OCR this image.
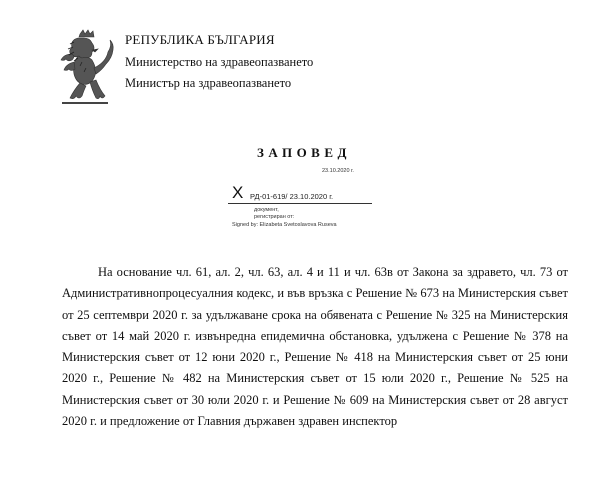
РЕПУБЛИКА БЪЛГАРИЯ
Министерство на здравеопазването
Министър на здравеопазването
ЗАПОВЕД
23.10.2020 г.
X РД-01-619/ 23.10.2020 г.
документ,
регистриран от:
Signed by: Elizabeta Svetoslavova Ruseva
На основание чл. 61, ал. 2, чл. 63, ал. 4 и 11 и чл. 63в от Закона за здравето, чл. 73 от Административнопроцесуалния кодекс, и във връзка с Решение № 673 на Министерския съвет от 25 септември 2020 г. за удължаване срока на обявената с Решение № 325 на Министерския съвет от 14 май 2020 г. извънредна епидемична обстановка, удължена с Решение № 378 на Министерския съвет от 12 юни 2020 г., Решение № 418 на Министерския съвет от 25 юни 2020 г., Решение № 482 на Министерския съвет от 15 юли 2020 г., Решение № 525 на Министерския съвет от 30 юли 2020 г. и Решение № 609 на Министерския съвет от 28 август 2020 г. и предложение от Главния държавен здравен инспектор
